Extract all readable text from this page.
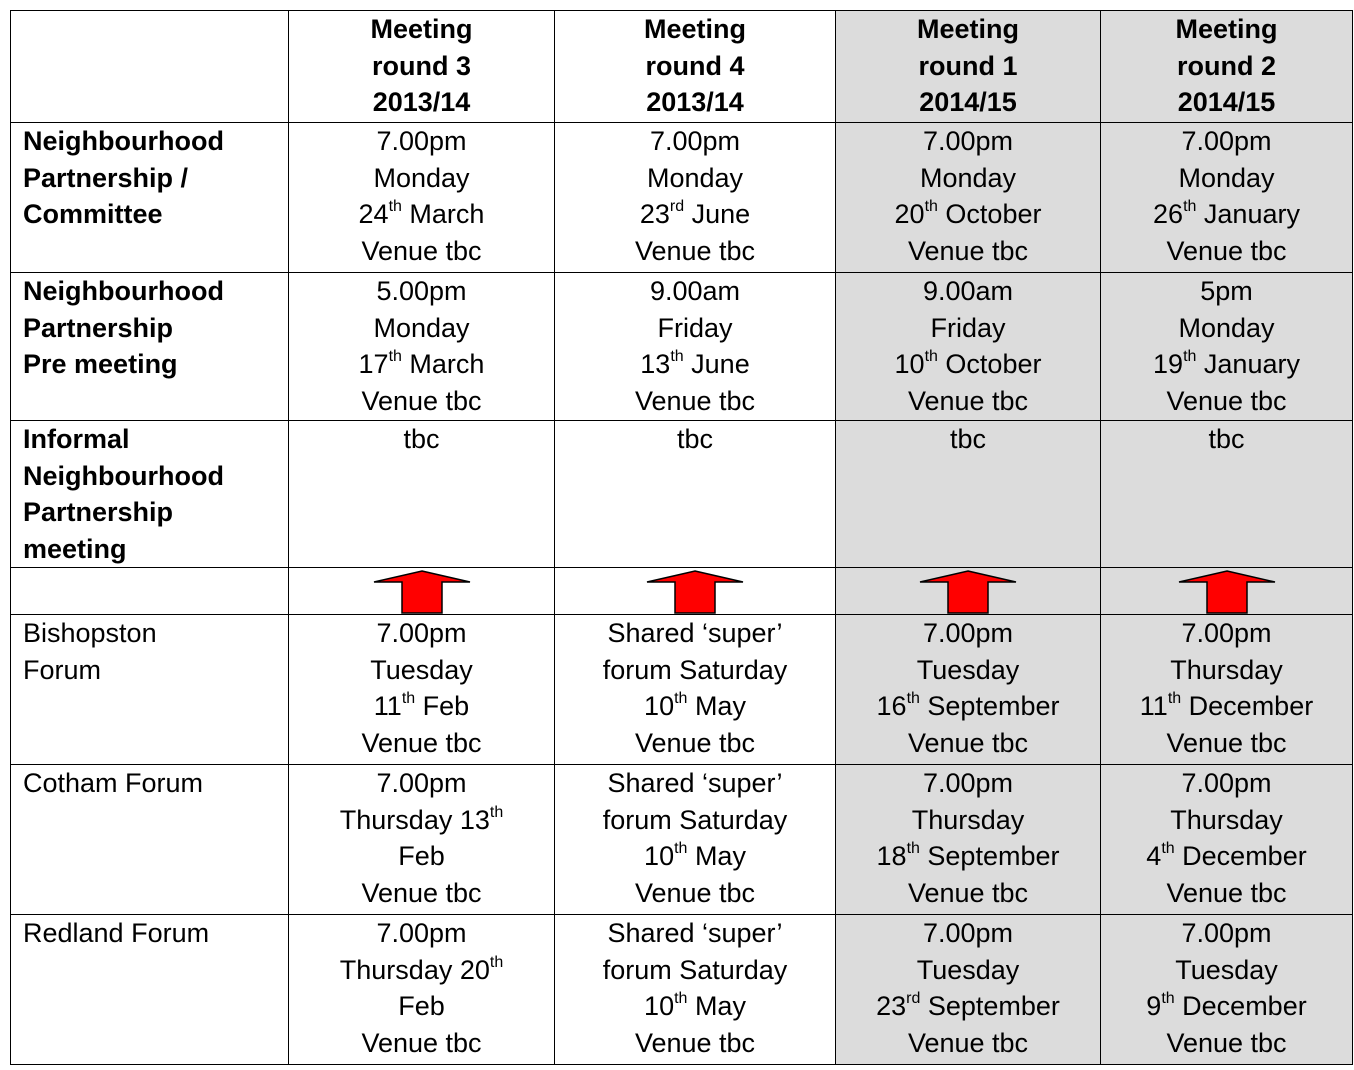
	Meeting
round 3
2013/14	Meeting
round 4
2013/14	Meeting
round 1
2014/15	Meeting
round 2
2014/15

Neighbourhood
Partnership /
Committee	7.00pm
Monday
24th March
Venue tbc	7.00pm
Monday
23rd June
Venue tbc	7.00pm
Monday
20th October
Venue tbc	7.00pm
Monday
26th January
Venue tbc

Neighbourhood
Partnership
Pre meeting	5.00pm
Monday
17th March
Venue tbc	9.00am
Friday
13th June
Venue tbc	9.00am
Friday
10th October
Venue tbc	5pm
Monday
19th January
Venue tbc

Informal
Neighbourhood
Partnership
meeting	tbc	tbc	tbc	tbc

Bishopston
Forum	7.00pm
Tuesday
11th Feb
Venue tbc	Shared ‘super’
forum Saturday
10th May
Venue tbc	7.00pm
Tuesday
16th September
Venue tbc	7.00pm
Thursday
11th December
Venue tbc

Cotham Forum	7.00pm
Thursday 13th
Feb
Venue tbc	Shared ‘super’
forum Saturday
10th May
Venue tbc	7.00pm
Thursday
18th September
Venue tbc	7.00pm
Thursday
4th December
Venue tbc

Redland Forum	7.00pm
Thursday 20th
Feb
Venue tbc	Shared ‘super’
forum Saturday
10th May
Venue tbc	7.00pm
Tuesday
23rd September
Venue tbc	7.00pm
Tuesday
9th December
Venue tbc
